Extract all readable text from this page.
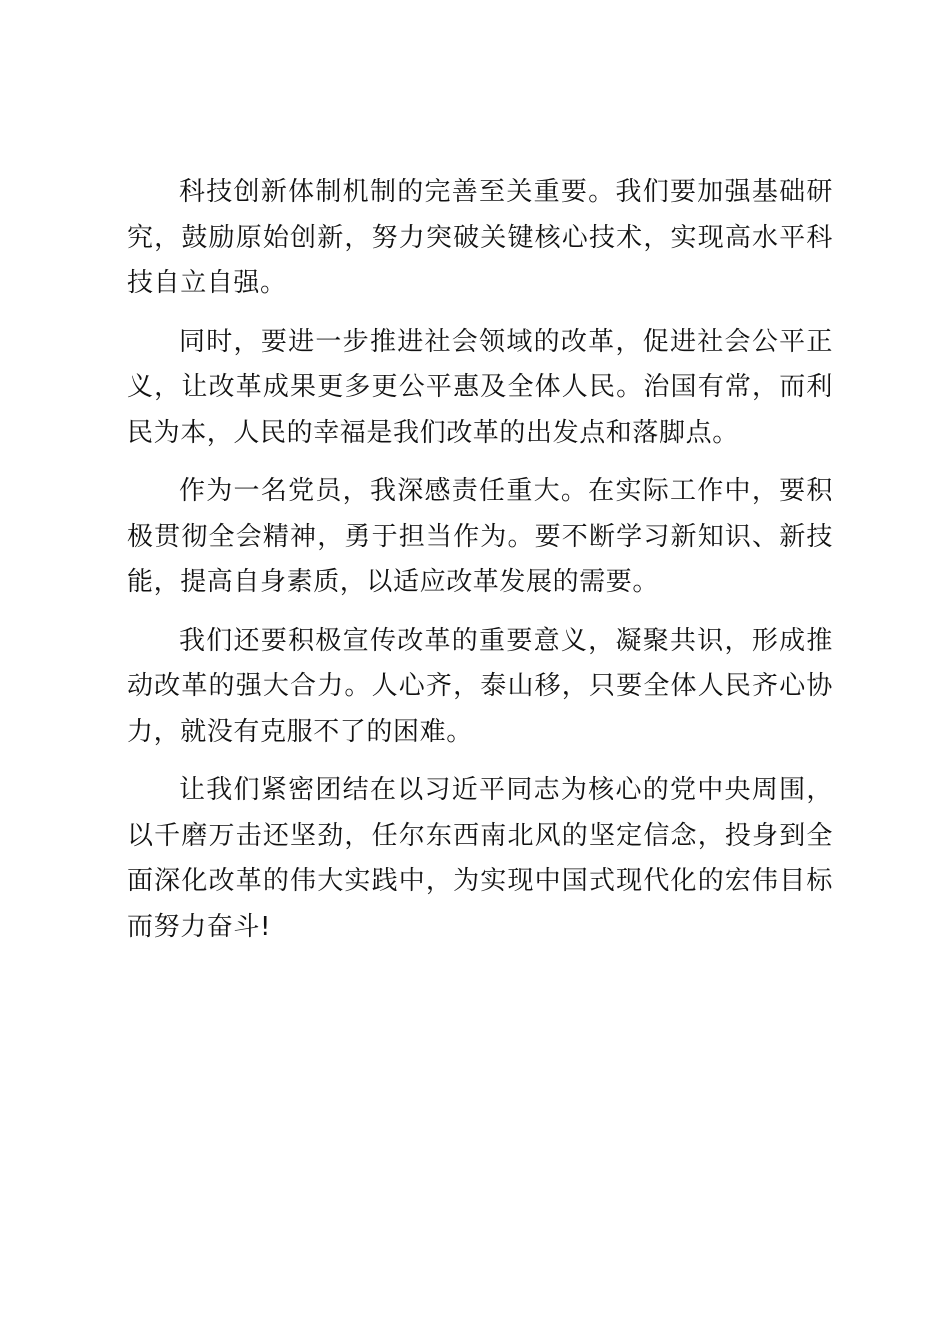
科技创新体制机制的完善至关重要。我们要加强基础研究，鼓励原始创新，努力突破关键核心技术，实现高水平科技自立自强。

同时，要进一步推进社会领域的改革，促进社会公平正义，让改革成果更多更公平惠及全体人民。治国有常，而利民为本，人民的幸福是我们改革的出发点和落脚点。

作为一名党员，我深感责任重大。在实际工作中，要积极贯彻全会精神，勇于担当作为。要不断学习新知识、新技能，提高自身素质，以适应改革发展的需要。

我们还要积极宣传改革的重要意义，凝聚共识，形成推动改革的强大合力。人心齐，泰山移，只要全体人民齐心协力，就没有克服不了的困难。

让我们紧密团结在以习近平同志为核心的党中央周围，以千磨万击还坚劲，任尔东西南北风的坚定信念，投身到全面深化改革的伟大实践中，为实现中国式现代化的宏伟目标而努力奋斗!
